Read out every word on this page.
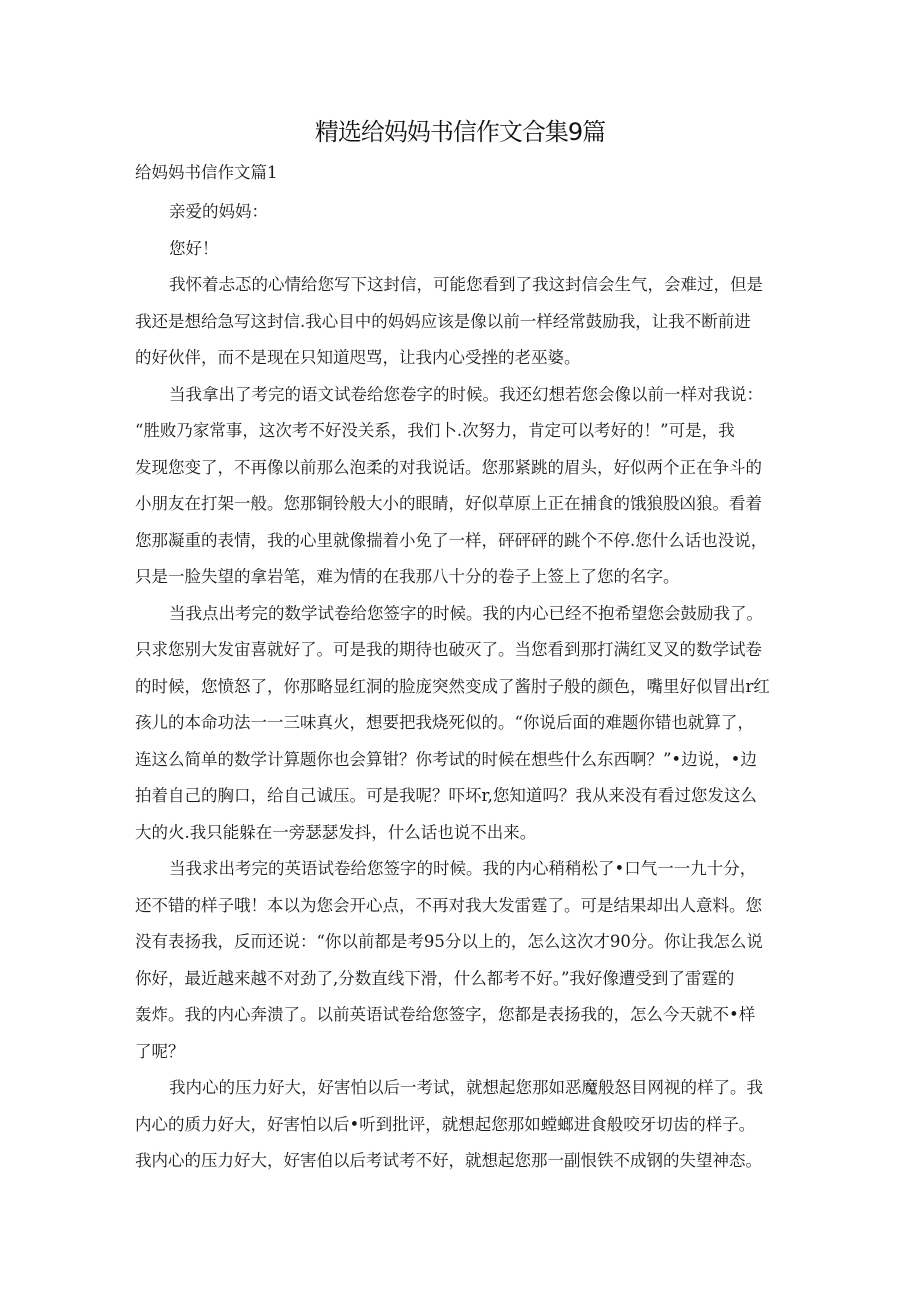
精选给妈妈书信作文合集9篇

给妈妈书信作文篇1

亲爱的妈妈：
您好！
我怀着忐忑的心情给您写下这封信，可能您看到了我这封信会生气，会难过，但是
我还是想给急写这封信.我心目中的妈妈应该是像以前一样经常鼓励我，让我不断前进
的好伙伴，而不是现在只知道咫骂，让我内心受挫的老巫婆。
当我拿出了考完的语文试卷给您卷字的时候。我还幻想若您会像以前一样对我说：
“胜败乃家常事，这次考不好没关系，我们卜.次努力，肯定可以考好的！”可是，我
发现您变了，不再像以前那么泡柔的对我说话。您那紧跳的眉头，好似两个正在争斗的
小朋友在打架一般。您那铜铃般大小的眼睛，好似草原上正在捕食的饿狼股凶狼。看着
您那凝重的表情，我的心里就像揣着小免了一样，砰砰砰的跳个不停.您什么话也没说，
只是一脸失望的拿岩笔，难为情的在我那八十分的卷子上签上了您的名字。
当我点出考完的数学试卷给您签字的时候。我的内心已经不抱希望您会鼓励我了。
只求您别大发宙喜就好了。可是我的期待也破灭了。当您看到那打满红叉叉的数学试卷
的时候，您愤怒了，你那略显红洞的脸庞突然变成了酱肘子般的颜色，嘴里好似冒出r红
孩儿的本命功法一一三味真火，想要把我烧死似的。“你说后面的难题你错也就算了，
连这么简单的数学计算题你也会算钳？你考试的时候在想些什么东西啊？”•边说，•边
拍着自己的胸口，给自己诚压。可是我呢？吓坏r,您知道吗？我从来没有看过您发这么
大的火.我只能躲在一旁瑟瑟发抖，什么话也说不出来。
当我求出考完的英语试卷给您签字的时候。我的内心稍稍松了•口气一一九十分，
还不错的样子哦！本以为您会开心点，不再对我大发雷霆了。可是结果却出人意料。您
没有表扬我，反而还说：“你以前都是考95分以上的，怎么这次才90分。你让我怎么说
你好，最近越来越不对劲了,分数直线下滑，什么都考不好。”我好像遭受到了雷霆的
轰炸。我的内心奔溃了。以前英语试卷给您签字，您都是表扬我的，怎么今天就不•样
了呢？
我内心的压力好大，好害怕以后一考试，就想起您那如恶魔般怒目网视的样了。我
内心的质力好大，好害怕以后•听到批评，就想起您那如螳螂进食般咬牙切齿的样子。
我内心的压力好大，好害伯以后考试考不好，就想起您那一副恨铁不成钢的失望神态。
